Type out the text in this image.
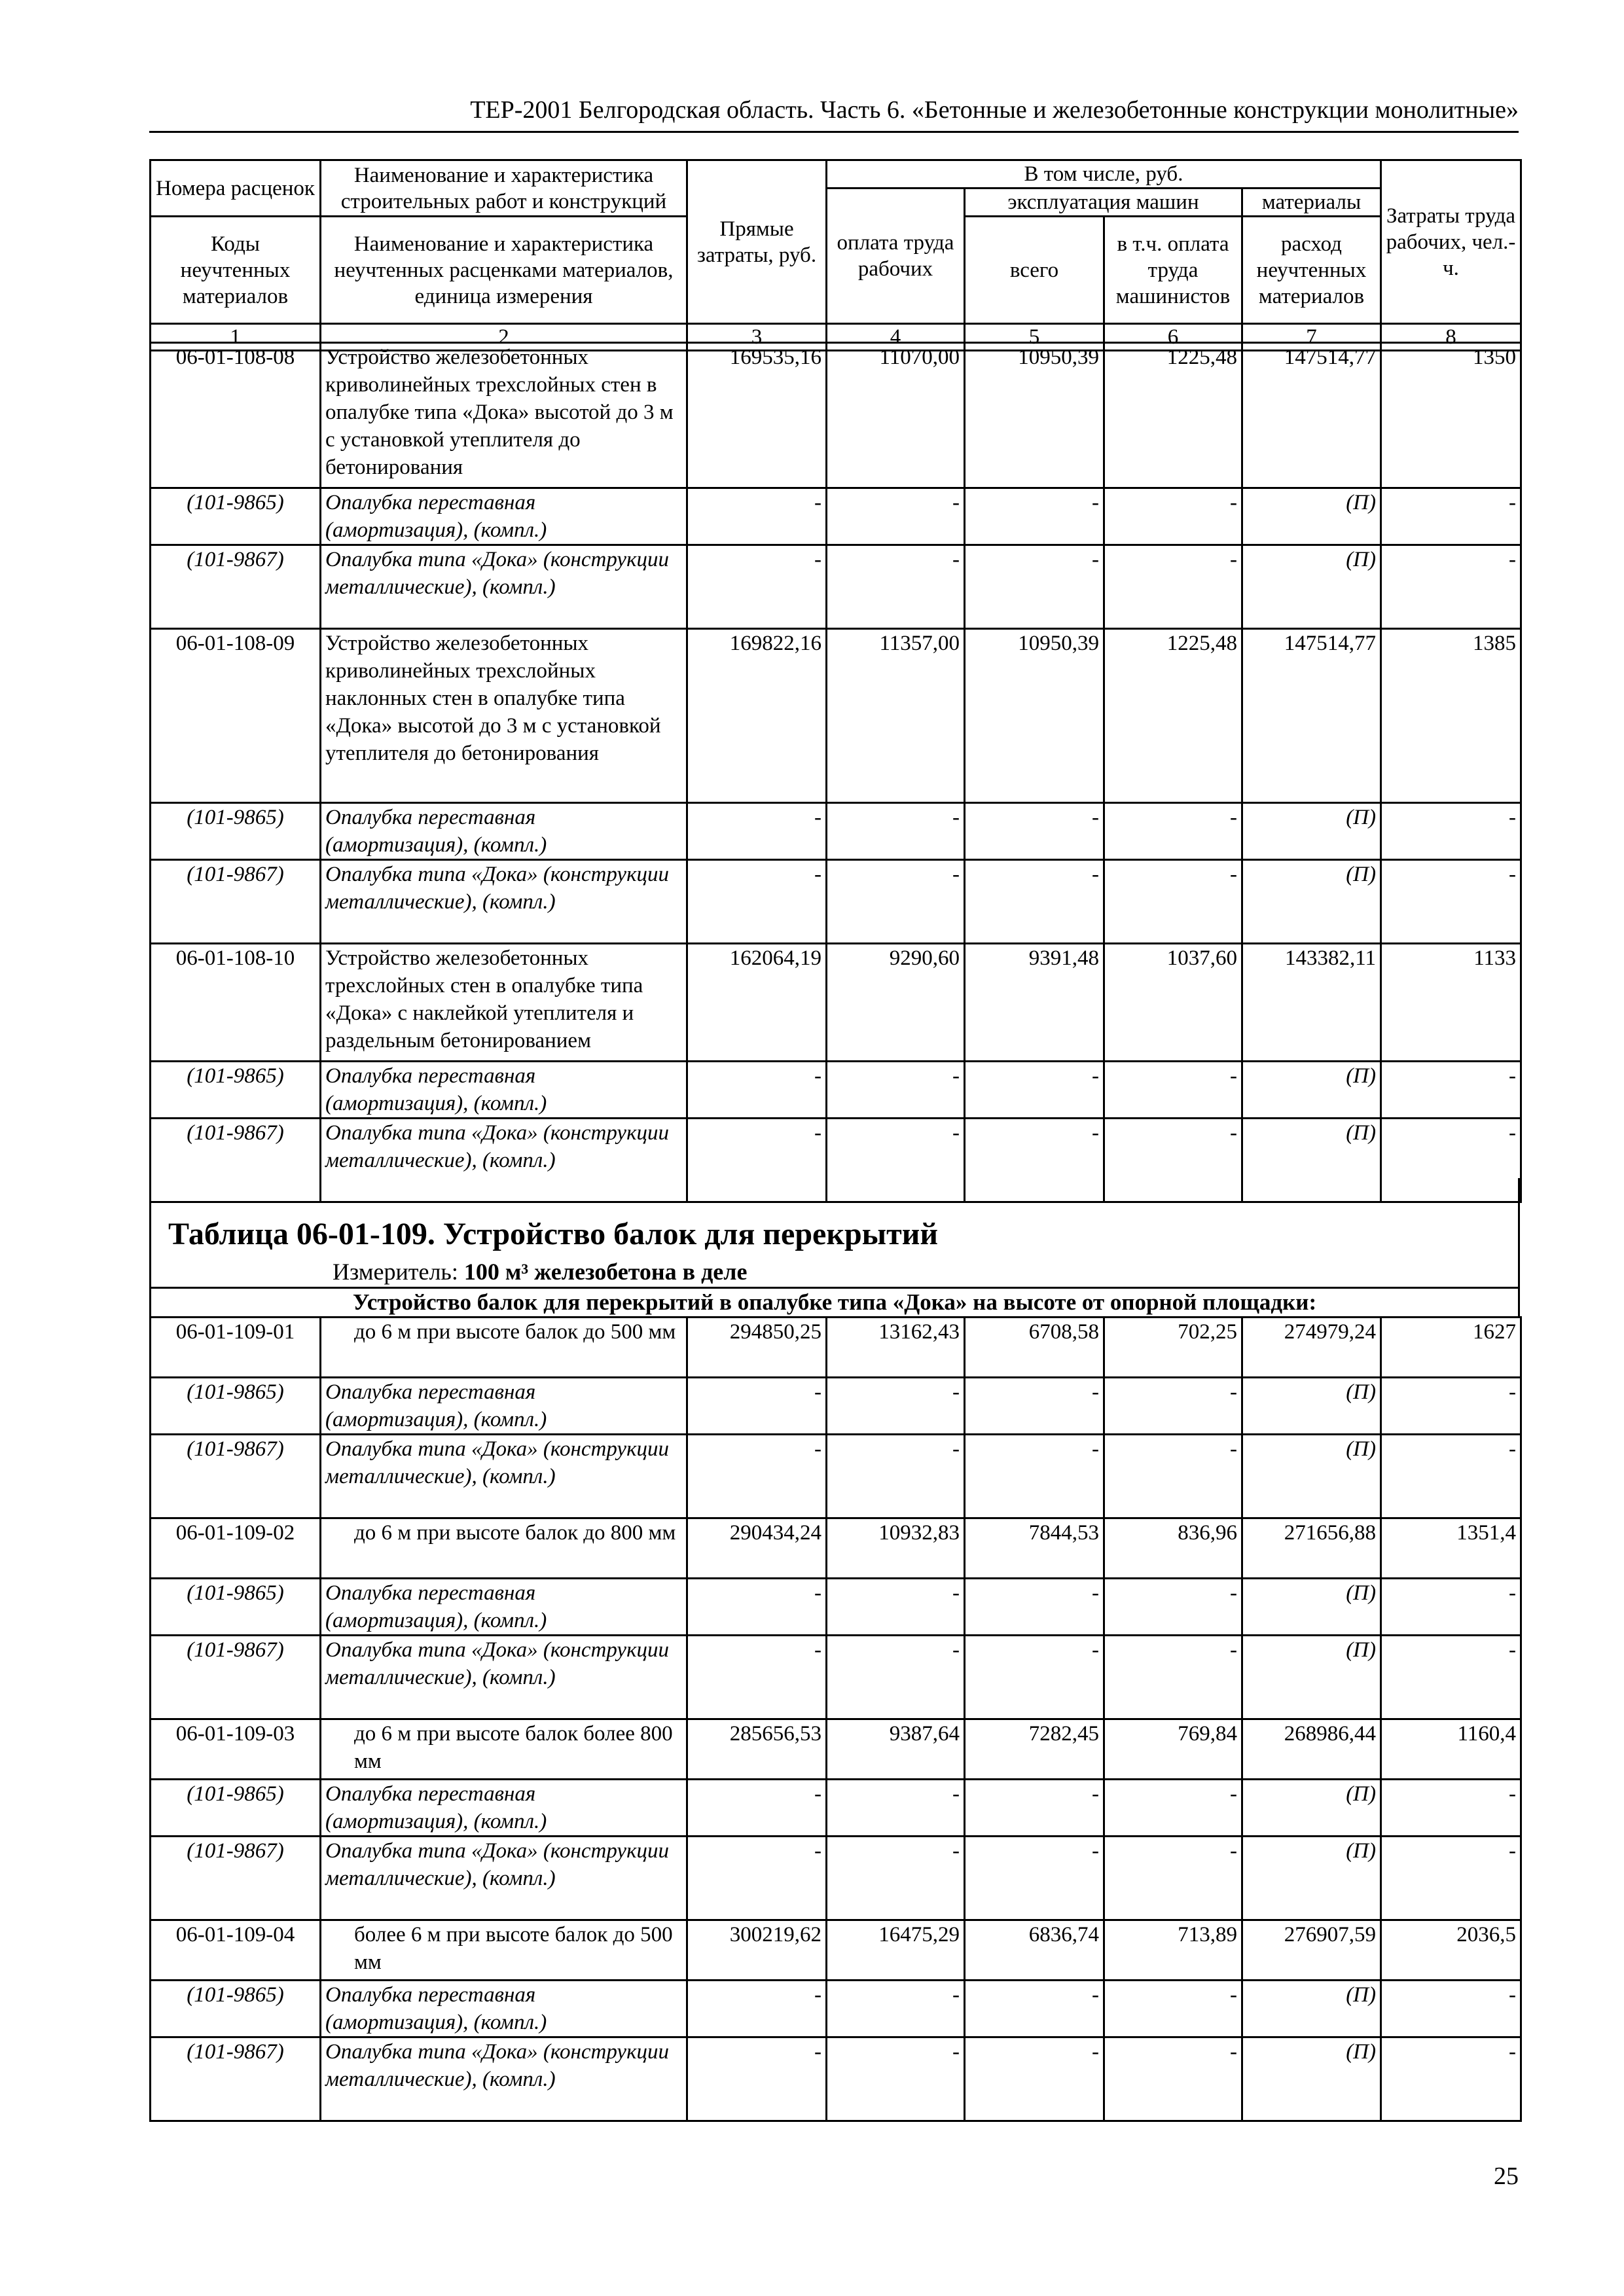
ТЕР-2001 Белгородская область. Часть 6. «Бетонные и железобетонные конструкции монолитные»
Номера расценок	Наименование и характеристика строительных работ и конструкций	Прямые затраты, руб.	В том числе, руб.				Затраты труда рабочих, чел.-ч.
			оплата труда рабочих	эксплуатация машин		материалы	
Коды неучтенных материалов	Наименование и характеристика неучтенных расценками материалов, единица измерения			всего	в т.ч. оплата труда машинистов	расход неучтенных материалов	

1	2	3	4	5	6	7	8
06-01-108-08	Устройство железобетонных криволинейных трехслойных стен в опалубке типа «Дока» высотой до 3 м с установкой утеплителя до бетонирования	169535,16	11070,00	10950,39	1225,48	147514,77	1350
(101-9865)	Опалубка переставная (амортизация), (компл.)	-	-	-	-	(П)	-
(101-9867)	Опалубка типа «Дока» (конструкции металлические), (компл.)	-	-	-	-	(П)	-
06-01-108-09	Устройство железобетонных криволинейных трехслойных наклонных стен в опалубке типа «Дока» высотой до 3 м с установкой утеплителя до бетонирования	169822,16	11357,00	10950,39	1225,48	147514,77	1385
(101-9865)	Опалубка переставная (амортизация), (компл.)	-	-	-	-	(П)	-
(101-9867)	Опалубка типа «Дока» (конструкции металлические), (компл.)	-	-	-	-	(П)	-
06-01-108-10	Устройство железобетонных трехслойных стен в опалубке типа «Дока» с наклейкой утеплителя и раздельным бетонированием	162064,19	9290,60	9391,48	1037,60	143382,11	1133
(101-9865)	Опалубка переставная (амортизация), (компл.)	-	-	-	-	(П)	-
(101-9867)	Опалубка типа «Дока» (конструкции металлические), (компл.)	-	-	-	-	(П)	-
Таблица 06-01-109. Устройство балок для перекрытий
Измеритель: 100 м³ железобетона в деле
Устройство балок для перекрытий в опалубке типа «Дока» на высоте от опорной площадки:
06-01-109-01	до 6 м при высоте балок до 500 мм	294850,25	13162,43	6708,58	702,25	274979,24	1627
(101-9865)	Опалубка переставная (амортизация), (компл.)	-	-	-	-	(П)	-
(101-9867)	Опалубка типа «Дока» (конструкции металлические), (компл.)	-	-	-	-	(П)	-
06-01-109-02	до 6 м при высоте балок до 800 мм	290434,24	10932,83	7844,53	836,96	271656,88	1351,4
(101-9865)	Опалубка переставная (амортизация), (компл.)	-	-	-	-	(П)	-
(101-9867)	Опалубка типа «Дока» (конструкции металлические), (компл.)	-	-	-	-	(П)	-
06-01-109-03	до 6 м при высоте балок более 800 мм	285656,53	9387,64	7282,45	769,84	268986,44	1160,4
(101-9865)	Опалубка переставная (амортизация), (компл.)	-	-	-	-	(П)	-
(101-9867)	Опалубка типа «Дока» (конструкции металлические), (компл.)	-	-	-	-	(П)	-
06-01-109-04	более 6 м при высоте балок до 500 мм	300219,62	16475,29	6836,74	713,89	276907,59	2036,5
(101-9865)	Опалубка переставная (амортизация), (компл.)	-	-	-	-	(П)	-
(101-9867)	Опалубка типа «Дока» (конструкции металлические), (компл.)	-	-	-	-	(П)	-
25
